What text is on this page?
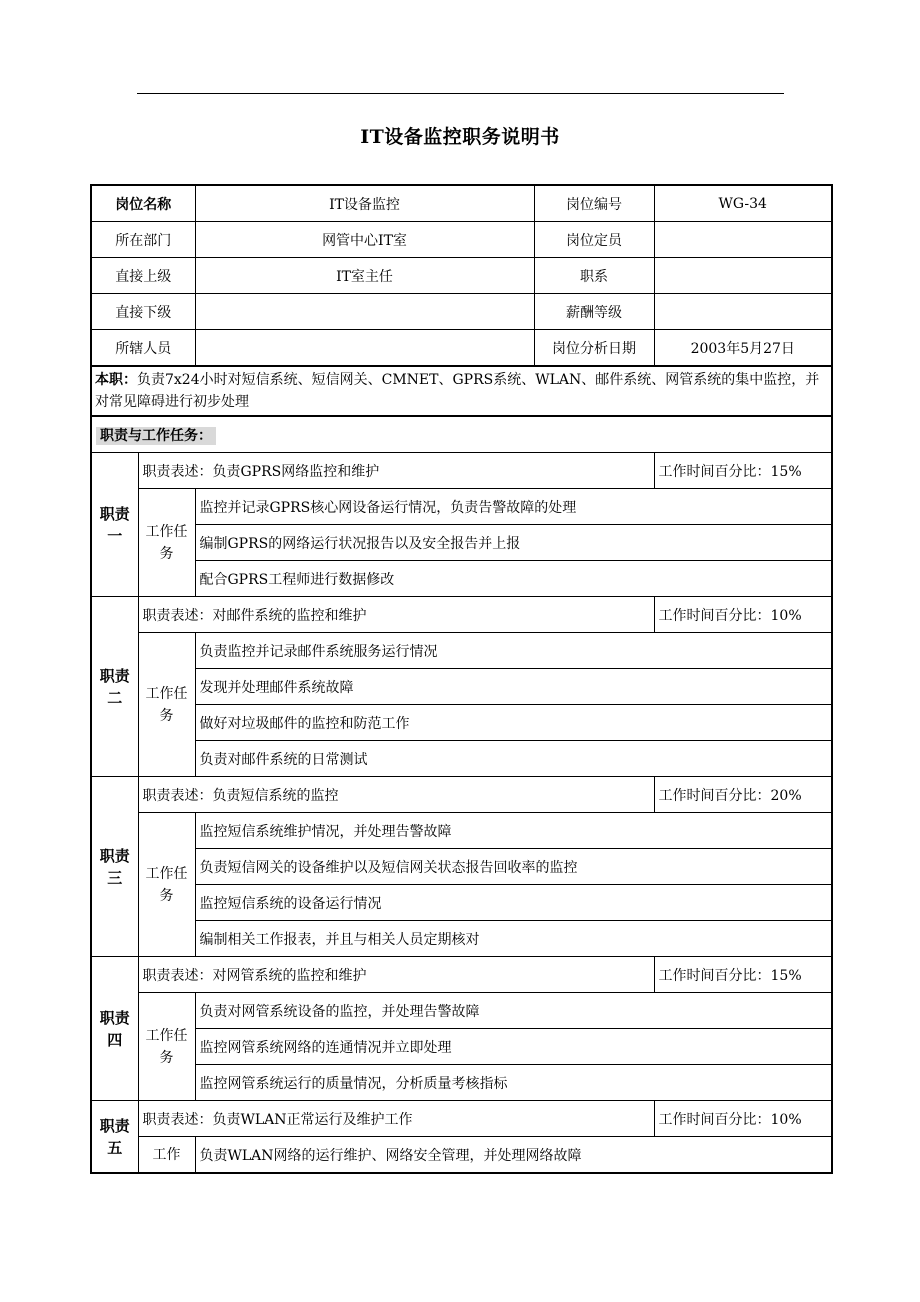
IT设备监控职务说明书
岗位名称		IT设备监控	岗位编号	WG-34
所在部门		网管中心IT室	岗位定员	
直接上级		IT室主任	职系	
直接下级			薪酬等级	
所辖人员			岗位分析日期	2003年5月27日
本职：负责7x24小时对短信系统、短信网关、CMNET、GPRS系统、WLAN、邮件系统、网管系统的集中监控，并对常见障碍进行初步处理				
职责与工作任务：				
职责一	职责表述：负责GPRS网络监控和维护			工作时间百分比：15%
	工作任务	监控并记录GPRS核心网设备运行情况，负责告警故障的处理		
		编制GPRS的网络运行状况报告以及安全报告并上报		
		配合GPRS工程师进行数据修改		
职责二	职责表述：对邮件系统的监控和维护			工作时间百分比：10%
	工作任务	负责监控并记录邮件系统服务运行情况		
		发现并处理邮件系统故障		
		做好对垃圾邮件的监控和防范工作		
		负责对邮件系统的日常测试		
职责三	职责表述：负责短信系统的监控			工作时间百分比：20%
	工作任务	监控短信系统维护情况，并处理告警故障		
		负责短信网关的设备维护以及短信网关状态报告回收率的监控		
		监控短信系统的设备运行情况		
		编制相关工作报表，并且与相关人员定期核对		
职责四	职责表述：对网管系统的监控和维护			工作时间百分比：15%
	工作任务	负责对网管系统设备的监控，并处理告警故障		
		监控网管系统网络的连通情况并立即处理		
		监控网管系统运行的质量情况，分析质量考核指标		
职责五	职责表述：负责WLAN正常运行及维护工作			工作时间百分比：10%
	工作	负责WLAN网络的运行维护、网络安全管理，并处理网络故障		
